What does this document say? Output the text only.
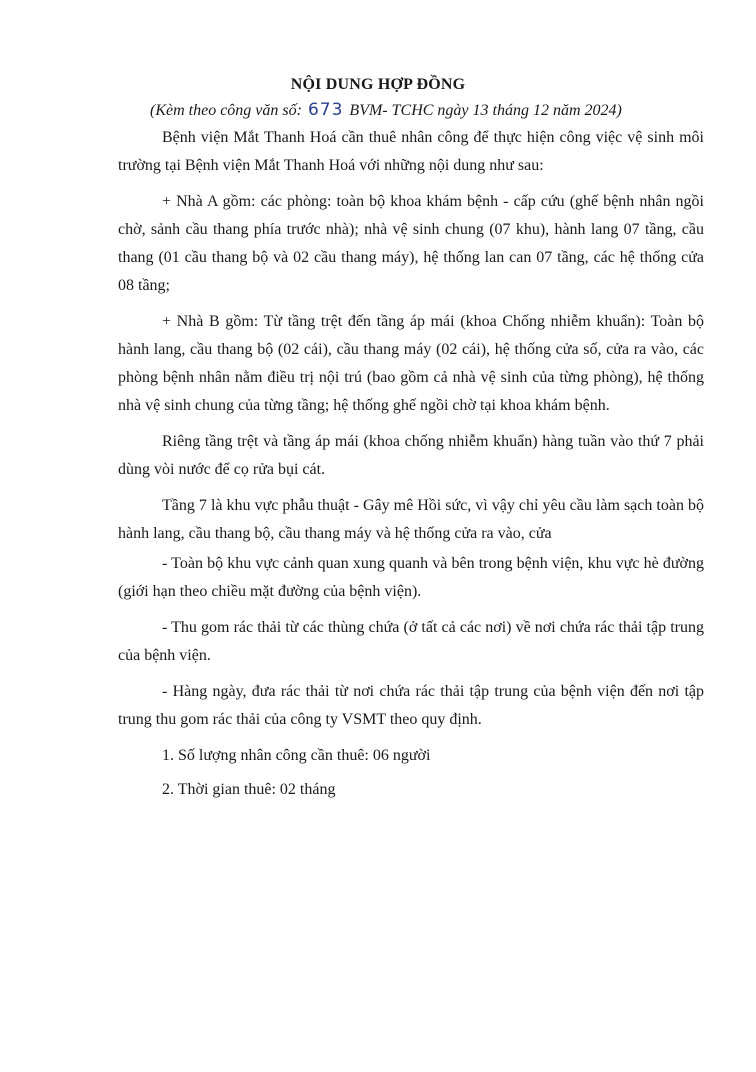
NỘI DUNG HỢP ĐỒNG
(Kèm theo công văn số: 673 BVM- TCHC ngày 13 tháng 12 năm 2024)

Bệnh viện Mắt Thanh Hoá cần thuê nhân công để thực hiện công việc vệ sinh môi trường tại Bệnh viện Mắt Thanh Hoá với những nội dung như sau:

+ Nhà A gồm: các phòng: toàn bộ khoa khám bệnh - cấp cứu (ghế bệnh nhân ngồi chờ, sảnh cầu thang phía trước nhà); nhà vệ sinh chung (07 khu), hành lang 07 tầng, cầu thang (01 cầu thang bộ và 02 cầu thang máy), hệ thống lan can 07 tầng, các hệ thống cửa 08 tầng;

+ Nhà B gồm: Từ tầng trệt đến tầng áp mái (khoa Chống nhiễm khuẩn): Toàn bộ hành lang, cầu thang bộ (02 cái), cầu thang máy (02 cái), hệ thống cửa số, cửa ra vào, các phòng bệnh nhân nằm điều trị nội trú (bao gồm cả nhà vệ sinh của từng phòng), hệ thống nhà vệ sinh chung của từng tầng; hệ thống ghế ngồi chờ tại khoa khám bệnh.

Riêng tầng trệt và tầng áp mái (khoa chống nhiễm khuẩn) hàng tuần vào thứ 7 phải dùng vòi nước để cọ rửa bụi cát.

Tầng 7 là khu vực phẫu thuật - Gây mê Hồi sức, vì vậy chỉ yêu cầu làm sạch toàn bộ hành lang, cầu thang bộ, cầu thang máy và hệ thống cửa ra vào, cửa

- Toàn bộ khu vực cảnh quan xung quanh và bên trong bệnh viện, khu vực hè đường (giới hạn theo chiều mặt đường của bệnh viện).

- Thu gom rác thải từ các thùng chứa (ở tất cả các nơi) về nơi chứa rác thải tập trung của bệnh viện.

- Hàng ngày, đưa rác thải từ nơi chứa rác thải tập trung của bệnh viện đến nơi tập trung thu gom rác thải của công ty VSMT theo quy định.

1. Số lượng nhân công cần thuê: 06 người

2. Thời gian thuê: 02 tháng
